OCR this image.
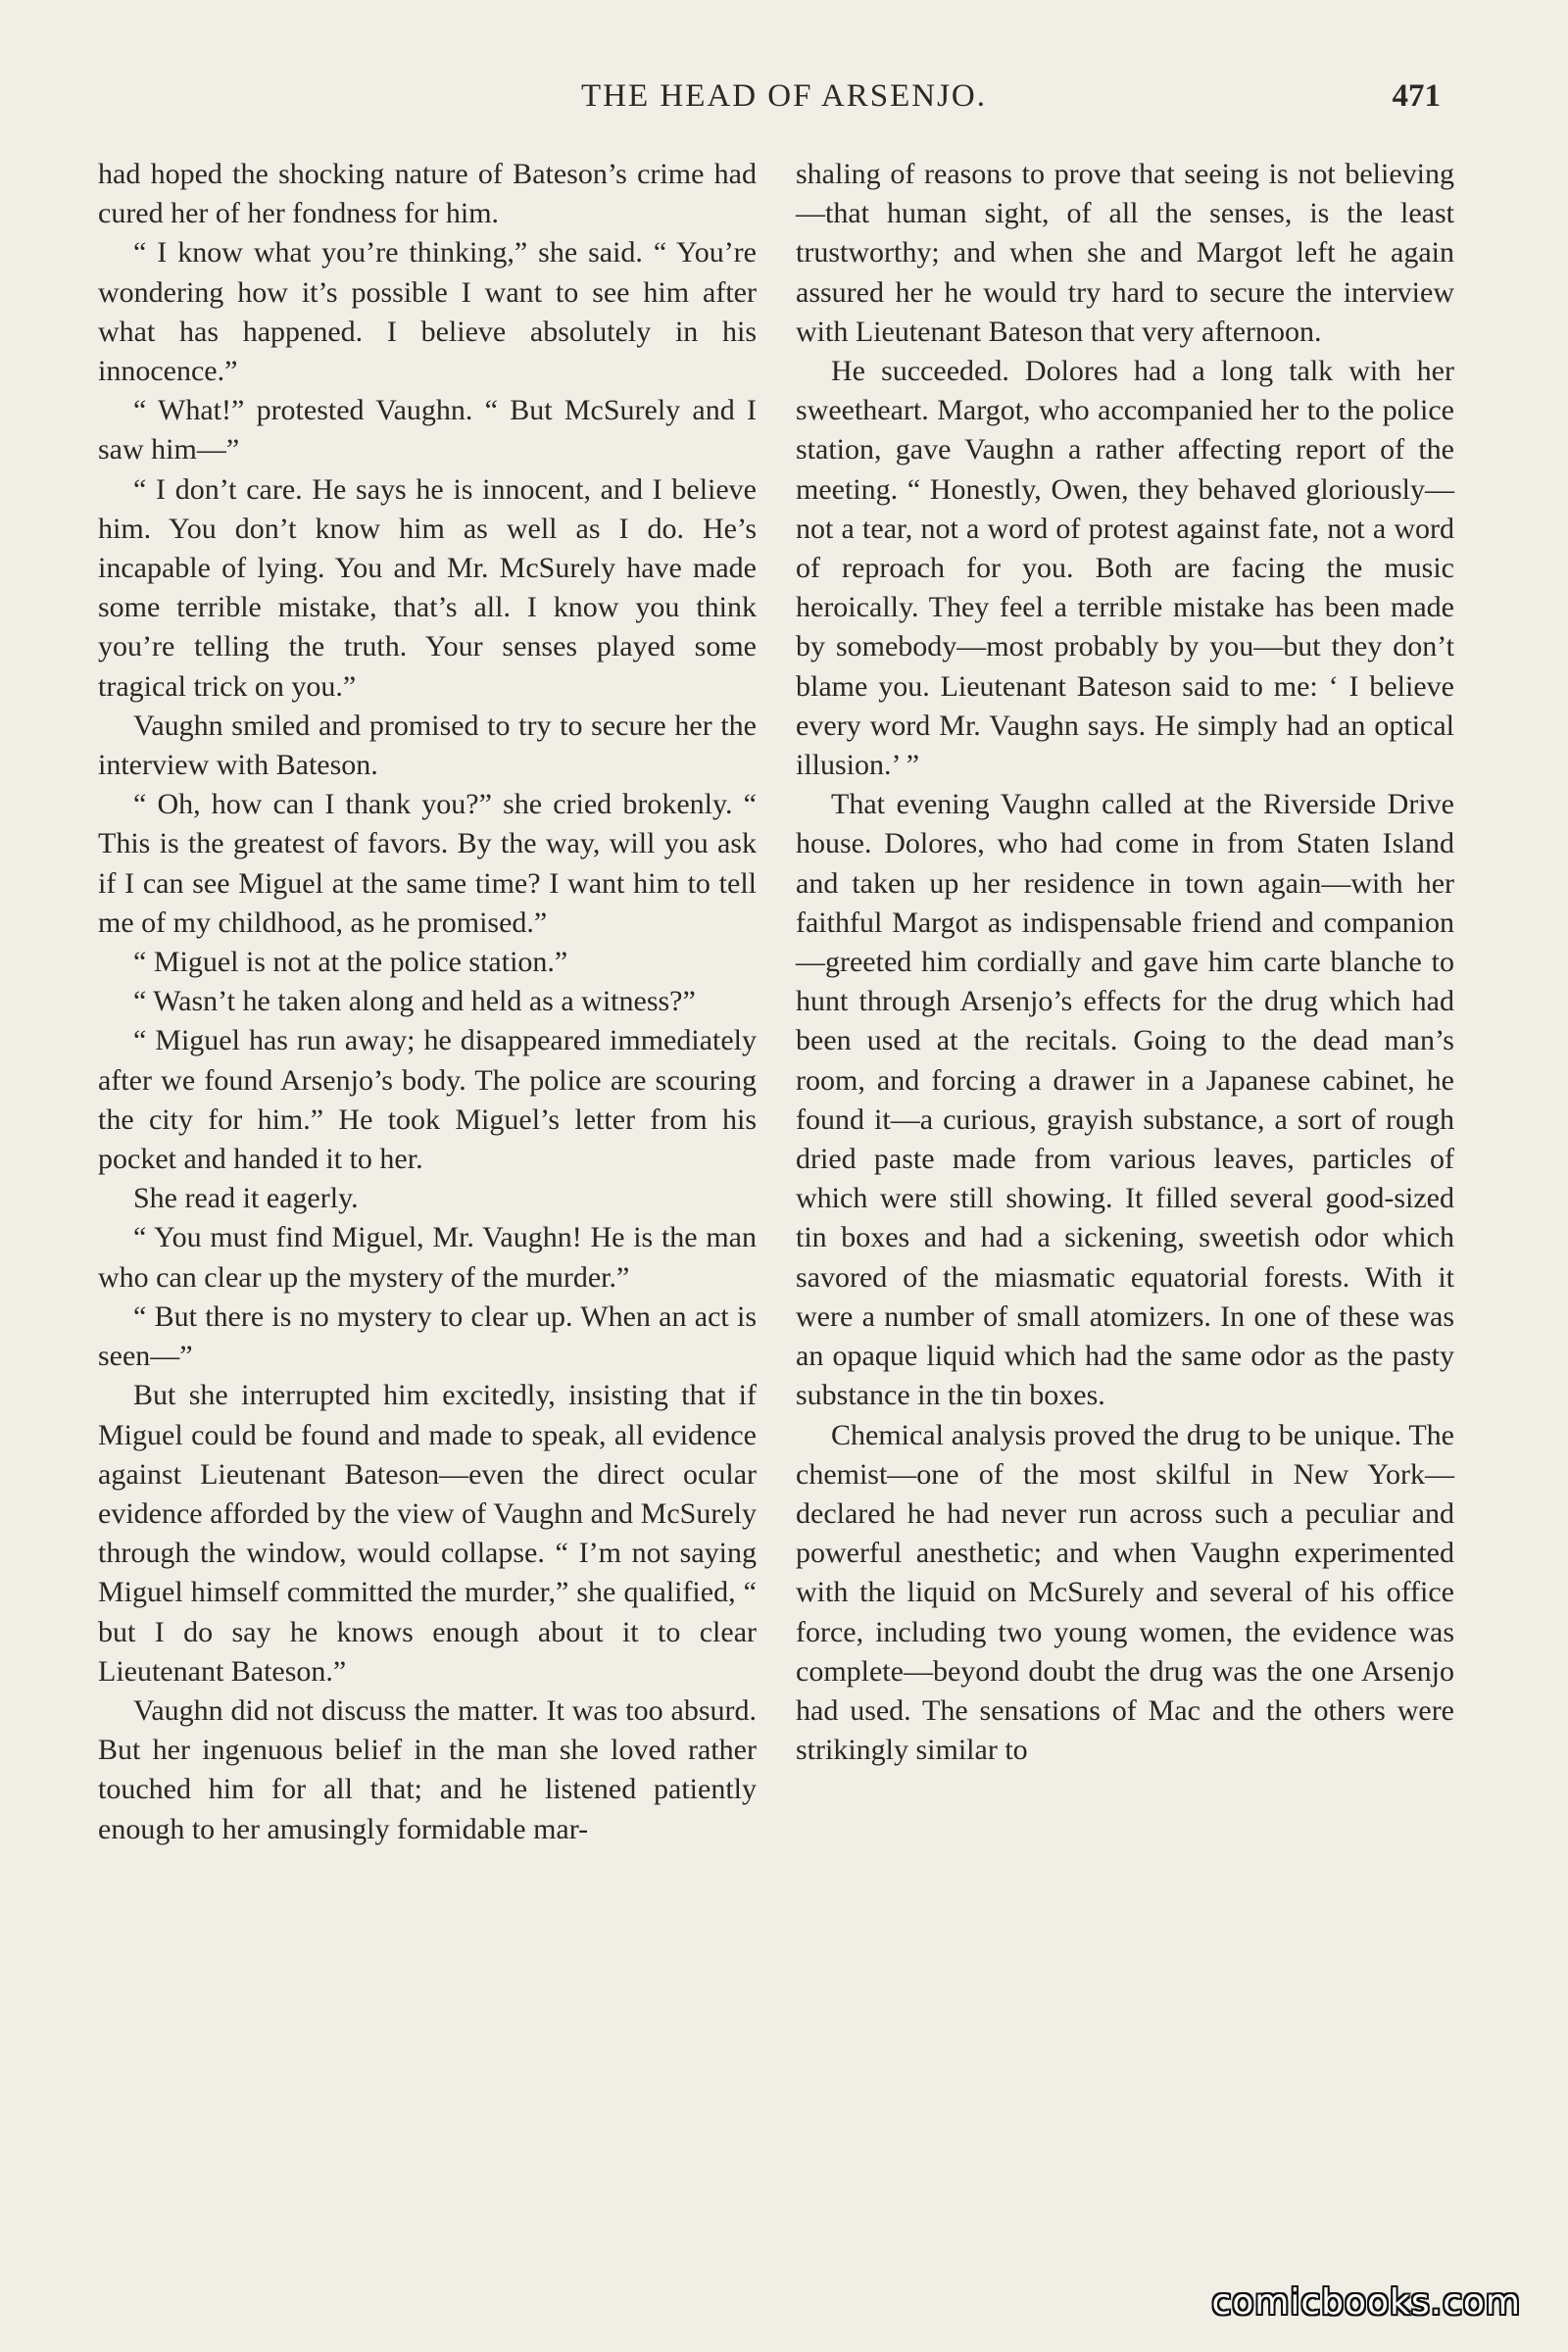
THE HEAD OF ARSENJO.	471

had hoped the shocking nature of Bateson’s crime had cured her of her fondness for him.

“ I know what you’re thinking,” she said. “ You’re wondering how it’s possible I want to see him after what has happened. I believe absolutely in his innocence.”

“ What!” protested Vaughn. “ But McSurely and I saw him—”

“ I don’t care. He says he is innocent, and I believe him. You don’t know him as well as I do. He’s incapable of lying. You and Mr. McSurely have made some terrible mistake, that’s all. I know you think you’re telling the truth. Your senses played some tragical trick on you.”

Vaughn smiled and promised to try to secure her the interview with Bateson.

“ Oh, how can I thank you?” she cried brokenly. “ This is the greatest of favors. By the way, will you ask if I can see Miguel at the same time? I want him to tell me of my childhood, as he promised.”

“ Miguel is not at the police station.”

“ Wasn’t he taken along and held as a witness?”

“ Miguel has run away; he disappeared immediately after we found Arsenjo’s body. The police are scouring the city for him.” He took Miguel’s letter from his pocket and handed it to her.

She read it eagerly.

“ You must find Miguel, Mr. Vaughn! He is the man who can clear up the mystery of the murder.”

“ But there is no mystery to clear up. When an act is seen—”

But she interrupted him excitedly, insisting that if Miguel could be found and made to speak, all evidence against Lieutenant Bateson—even the direct ocular evidence afforded by the view of Vaughn and McSurely through the window, would collapse. “ I’m not saying Miguel himself committed the murder,” she qualified, “ but I do say he knows enough about it to clear Lieutenant Bateson.”

Vaughn did not discuss the matter. It was too absurd. But her ingenuous belief in the man she loved rather touched him for all that; and he listened patiently enough to her amusingly formidable mar-

shaling of reasons to prove that seeing is not believing—that human sight, of all the senses, is the least trustworthy; and when she and Margot left he again assured her he would try hard to secure the interview with Lieutenant Bateson that very afternoon.

He succeeded. Dolores had a long talk with her sweetheart. Margot, who accompanied her to the police station, gave Vaughn a rather affecting report of the meeting. “ Honestly, Owen, they behaved gloriously—not a tear, not a word of protest against fate, not a word of reproach for you. Both are facing the music heroically. They feel a terrible mistake has been made by somebody—most probably by you—but they don’t blame you. Lieutenant Bateson said to me: ‘ I believe every word Mr. Vaughn says. He simply had an optical illusion.’ ”

That evening Vaughn called at the Riverside Drive house. Dolores, who had come in from Staten Island and taken up her residence in town again—with her faithful Margot as indispensable friend and companion—greeted him cordially and gave him carte blanche to hunt through Arsenjo’s effects for the drug which had been used at the recitals. Going to the dead man’s room, and forcing a drawer in a Japanese cabinet, he found it—a curious, grayish substance, a sort of rough dried paste made from various leaves, particles of which were still showing. It filled several good-sized tin boxes and had a sickening, sweetish odor which savored of the miasmatic equatorial forests. With it were a number of small atomizers. In one of these was an opaque liquid which had the same odor as the pasty substance in the tin boxes.

Chemical analysis proved the drug to be unique. The chemist—one of the most skilful in New York—declared he had never run across such a peculiar and powerful anesthetic; and when Vaughn experimented with the liquid on McSurely and several of his office force, including two young women, the evidence was complete—beyond doubt the drug was the one Arsenjo had used. The sensations of Mac and the others were strikingly similar to

comicbooks.com
